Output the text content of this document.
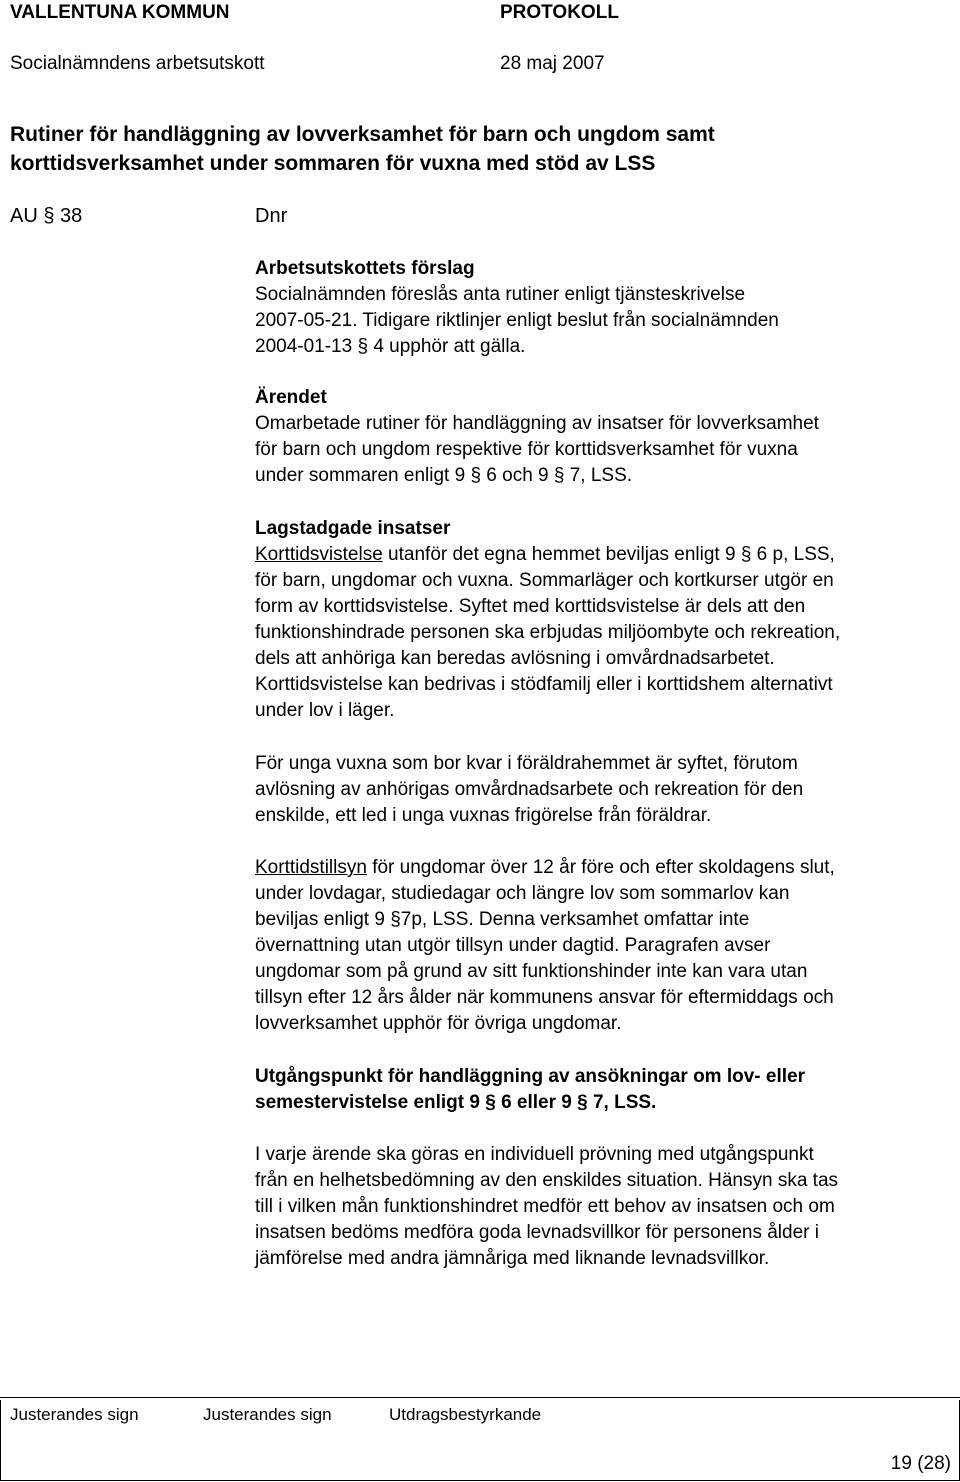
VALLENTUNA KOMMUN	PROTOKOLL
Socialnämndens arbetsutskott	28 maj 2007
Rutiner för handläggning av lovverksamhet för barn och ungdom samt
korttidsverksamhet under sommaren för vuxna med stöd av LSS
AU § 38	Dnr

Arbetsutskottets förslag

Socialnämnden föreslås anta rutiner enligt tjänsteskrivelse

2007-05-21. Tidigare riktlinjer enligt beslut från socialnämnden

2004-01-13 § 4 upphör att gälla.

Ärendet

Omarbetade rutiner för handläggning av insatser för lovverksamhet

för barn och ungdom respektive för korttidsverksamhet för vuxna

under sommaren enligt 9 § 6 och 9 § 7, LSS.

Lagstadgade insatser

Korttidsvistelse utanför det egna hemmet beviljas enligt 9 § 6 p, LSS,

för barn, ungdomar och vuxna. Sommarläger och kortkurser utgör en

form av korttidsvistelse. Syftet med korttidsvistelse är dels att den

funktionshindrade personen ska erbjudas miljöombyte och rekreation,

dels att anhöriga kan beredas avlösning i omvårdnadsarbetet.

Korttidsvistelse kan bedrivas i stödfamilj eller i korttidshem alternativt

under lov i läger.

För unga vuxna som bor kvar i föräldrahemmet är syftet, förutom

avlösning av anhörigas omvårdnadsarbete och rekreation för den

enskilde, ett led i unga vuxnas frigörelse från föräldrar.

Korttidstillsyn för ungdomar över 12 år före och efter skoldagens slut,

under lovdagar, studiedagar och längre lov som sommarlov kan

beviljas enligt 9 §7p, LSS. Denna verksamhet omfattar inte

övernattning utan utgör tillsyn under dagtid. Paragrafen avser

ungdomar som på grund av sitt funktionshinder inte kan vara utan

tillsyn efter 12 års ålder när kommunens ansvar för eftermiddags och

lovverksamhet upphör för övriga ungdomar.

Utgångspunkt för handläggning av ansökningar om lov- eller

semestervistelse enligt 9 § 6 eller 9 § 7, LSS.

I varje ärende ska göras en individuell prövning med utgångspunkt

från en helhetsbedömning av den enskildes situation. Hänsyn ska tas

till i vilken mån funktionshindret medför ett behov av insatsen och om

insatsen bedöms medföra goda levnadsvillkor för personens ålder i

jämförelse med andra jämnåriga med liknande levnadsvillkor.

Justerandes sign	Justerandes sign	Utdragsbestyrkande
19 (28)
